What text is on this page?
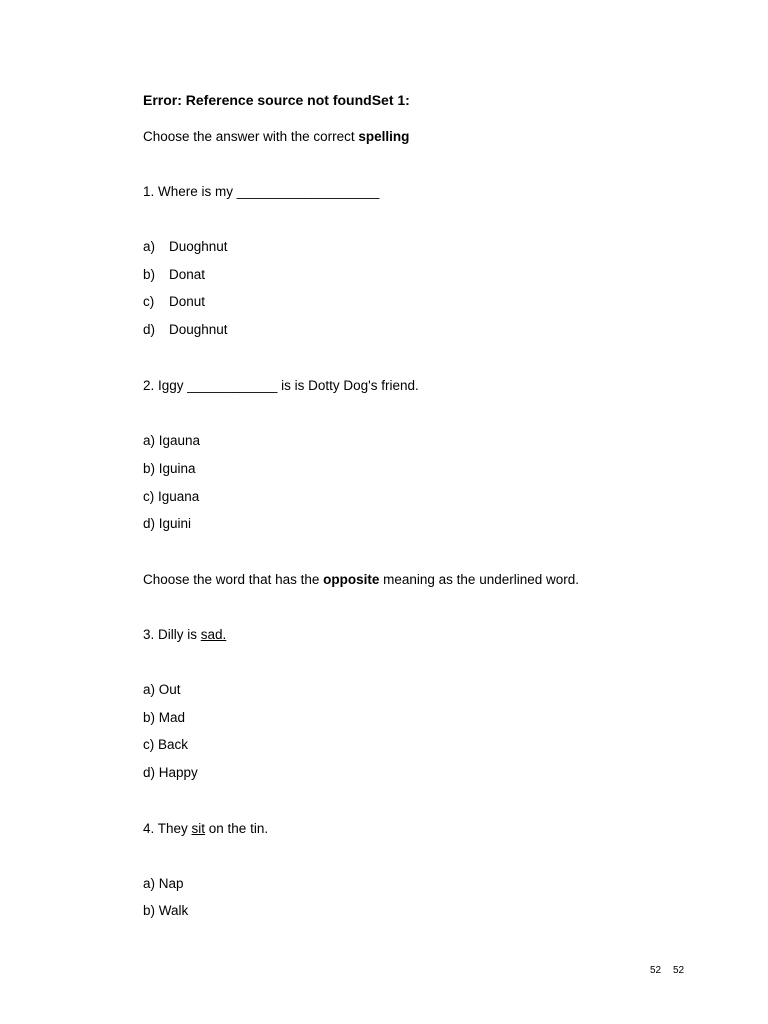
Error: Reference source not foundSet 1:
Choose the answer with the correct spelling
1. Where is my ___________________
a) Duoghnut
b) Donat
c) Donut
d) Doughnut
2. Iggy ____________ is is Dotty Dog's friend.
a) Igauna
b) Iguina
c) Iguana
d) Iguini
Choose the word that has the opposite meaning as the underlined word.
3. Dilly is sad.
a) Out
b) Mad
c) Back
d) Happy
4. They sit on the tin.
a) Nap
b) Walk
52 52
